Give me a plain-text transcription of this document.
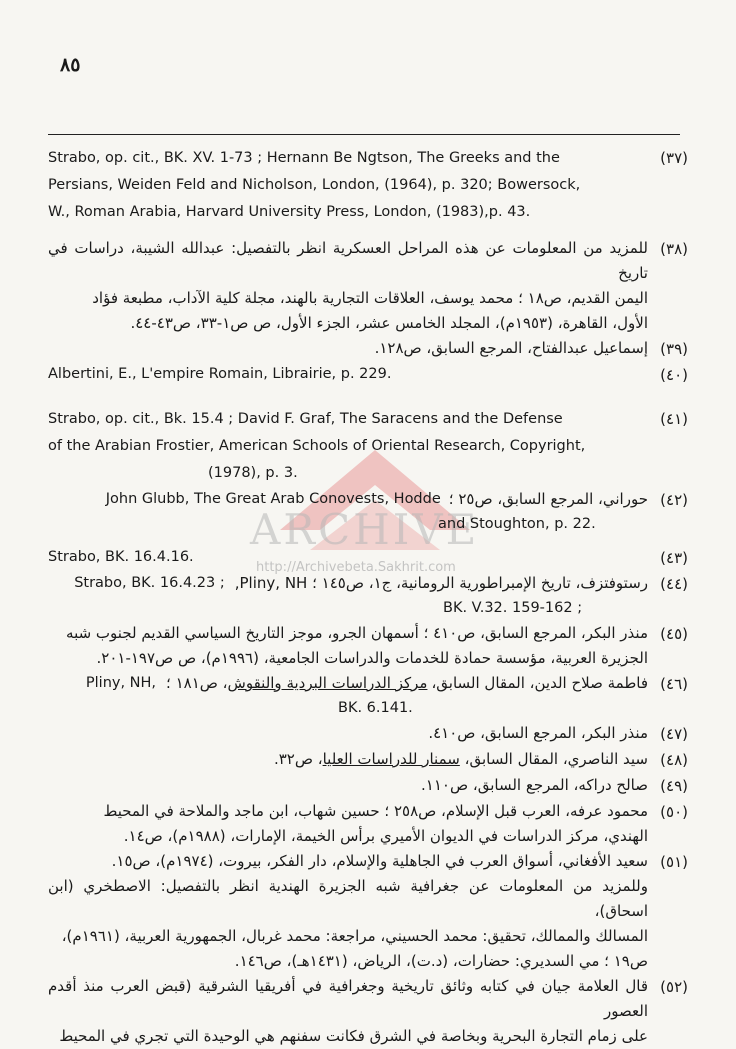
٨٥
ARCHIVE
http://Archivebeta.Sakhrit.com
(٣٧)
Strabo, op. cit., BK. XV. 1-73 ; Hernann Be Ngtson, The Greeks and the
Persians, Weiden Feld and Nicholson, London, (1964), p. 320; Bowersock,
W., Roman Arabia, Harvard University Press, London, (1983),p. 43.
(٣٨)
للمزيد من المعلومات عن هذه المراحل العسكرية انظر بالتفصيل: عبدالله الشيبة، دراسات في تاريخ
اليمن القديم، ص١٨ ؛ محمد يوسف، العلاقات التجارية بالهند، مجلة كلية الآداب، مطبعة فؤاد
الأول، القاهرة، (١٩٥٣م)، المجلد الخامس عشر، الجزء الأول، ص ص١-٣٣، ص٤٣-٤٤.
(٣٩)
إسماعيل عبدالفتاح، المرجع السابق، ص١٢٨.
(٤٠)
Albertini, E., L'empire Romain, Librairie, p. 229.
(٤١)
Strabo, op. cit., Bk. 15.4 ; David F. Graf, The Saracens and the Defense
of the Arabian Frostier, American Schools of Oriental Research, Copyright,
(1978), p. 3.
(٤٢)
حوراني، المرجع السابق، ص٢٥ ؛
John Glubb, The Great Arab Conovests, Hodde
and Stoughton, p. 22.
(٤٣)
Strabo, BK. 16.4.16.
(٤٤)
رستوفتزف، تاريخ الإمبراطورية الرومانية، ج١، ص١٤٥ ؛ Pliny, NH,
Strabo, BK. 16.4.23 ;
BK. V.32. 159-162 ;
(٤٥)
منذر البكر، المرجع السابق، ص٤١٠ ؛ أسمهان الجرو، موجز التاريخ السياسي القديم لجنوب شبه
الجزيرة العربية، مؤسسة حمادة للخدمات والدراسات الجامعية، (١٩٩٦م)، ص ص١٩٧-٢٠١.
(٤٦)
فاطمة صلاح الدين، المقال السابق،
مركز الدراسات البردية والنقوش
، ص١٨١ ؛
Pliny, NH,
BK. 6.141.
(٤٧)
منذر البكر، المرجع السابق، ص٤١٠.
(٤٨)
سيد الناصري، المقال السابق، سمنار للدراسات العليا، ص٣٢.
(٤٩)
صالح دراكه، المرجع السابق، ص١١٠.
(٥٠)
محمود عرفه، العرب قبل الإسلام، ص٢٥٨ ؛ حسين شهاب، ابن ماجد والملاحة في المحيط
الهندي، مركز الدراسات في الديوان الأميري برأس الخيمة، الإمارات، (١٩٨٨م)، ص١٤.
(٥١)
سعيد الأفغاني، أسواق العرب في الجاهلية والإسلام، دار الفكر، بيروت، (١٩٧٤م)، ص١٥.
وللمزيد من المعلومات عن جغرافية شبه الجزيرة الهندية انظر بالتفصيل: الاصطخري (ابن اسحاق)،
المسالك والممالك، تحقيق: محمد الحسيني، مراجعة: محمد غربال، الجمهورية العربية، (١٩٦١م)،
ص١٩ ؛ مي السديري: حضارات، (د.ت)، الرياض، (١٤٣١هـ)، ص١٤٦.
(٥٢)
قال العلامة جيان في كتابه وثائق تاريخية وجغرافية في أفريقيا الشرقية (قبض العرب منذ أقدم العصور
على زمام التجارة البحرية وبخاصة في الشرق فكانت سفنهم هي الوحيدة التي تجري في المحيط
